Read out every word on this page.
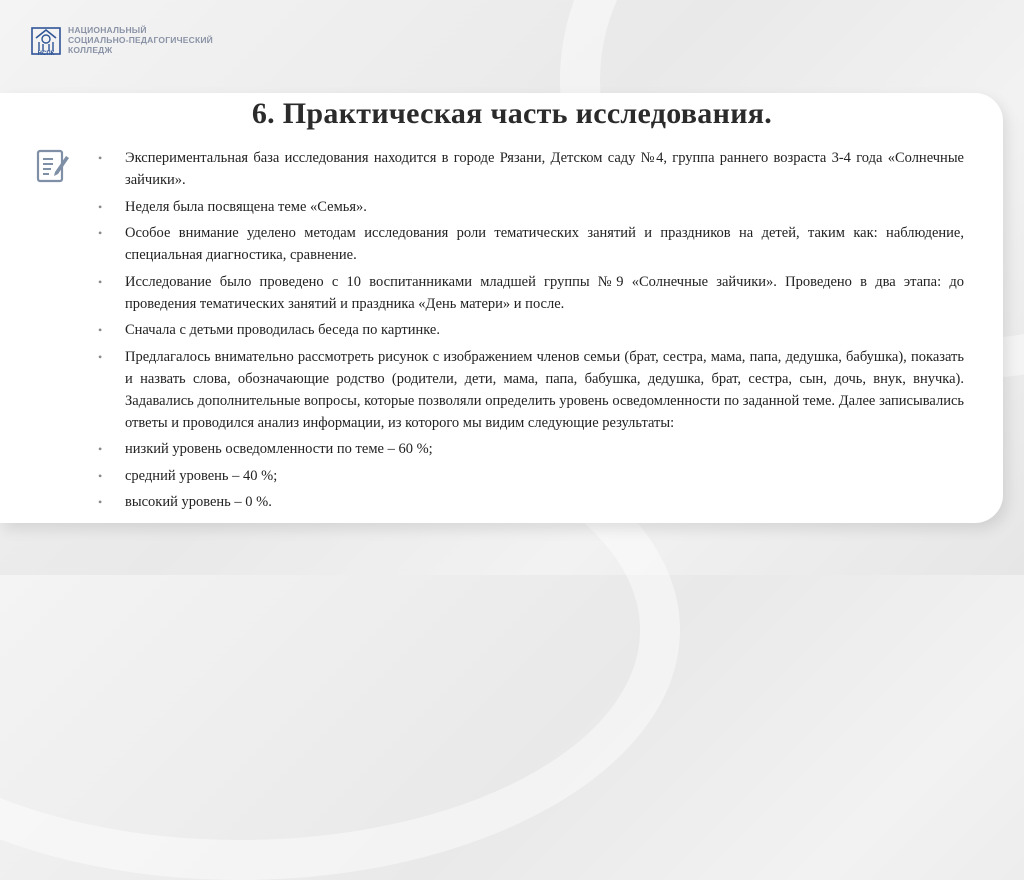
НСПК
НАЦИОНАЛЬНЫЙ
СОЦИАЛЬНО-ПЕДАГОГИЧЕСКИЙ
КОЛЛЕДЖ
6. Практическая часть исследования.
• Экспериментальная база исследования находится в городе Рязани, Детском саду №4, группа раннего возраста 3-4 года «Солнечные зайчики».
• Неделя была посвящена теме «Семья».
• Особое внимание уделено методам исследования роли тематических занятий и праздников на детей, таким как: наблюдение, специальная диагностика, сравнение.
• Исследование было проведено с 10 воспитанниками младшей группы №9 «Солнечные зайчики». Проведено в два этапа: до проведения тематических занятий и праздника «День матери» и после.
• Сначала с детьми проводилась беседа по картинке.
• Предлагалось внимательно рассмотреть рисунок с изображением членов семьи (брат, сестра, мама, папа, дедушка, бабушка), показать и назвать слова, обозначающие родство (родители, дети, мама, папа, бабушка, дедушка, брат, сестра, сын, дочь, внук, внучка). Задавались дополнительные вопросы, которые позволяли определить уровень осведомленности по заданной теме. Далее записывались ответы и проводился анализ информации, из которого мы видим следующие результаты:
• низкий уровень осведомленности по теме – 60 %;
• средний уровень – 40 %;
• высокий уровень – 0 %.
